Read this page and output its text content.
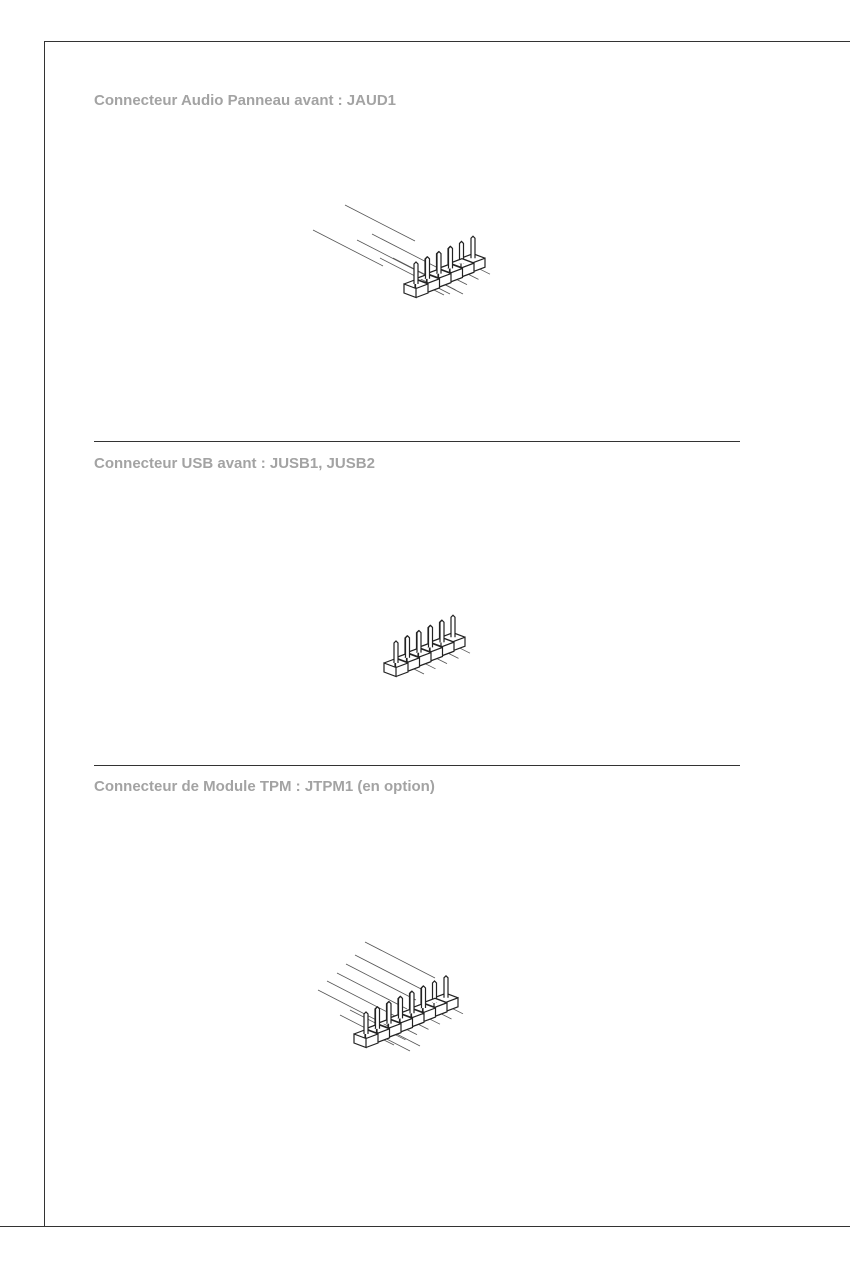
Connecteur Audio Panneau avant : JAUD1
Connecteur USB avant : JUSB1, JUSB2
Connecteur de Module TPM : JTPM1 (en option)
